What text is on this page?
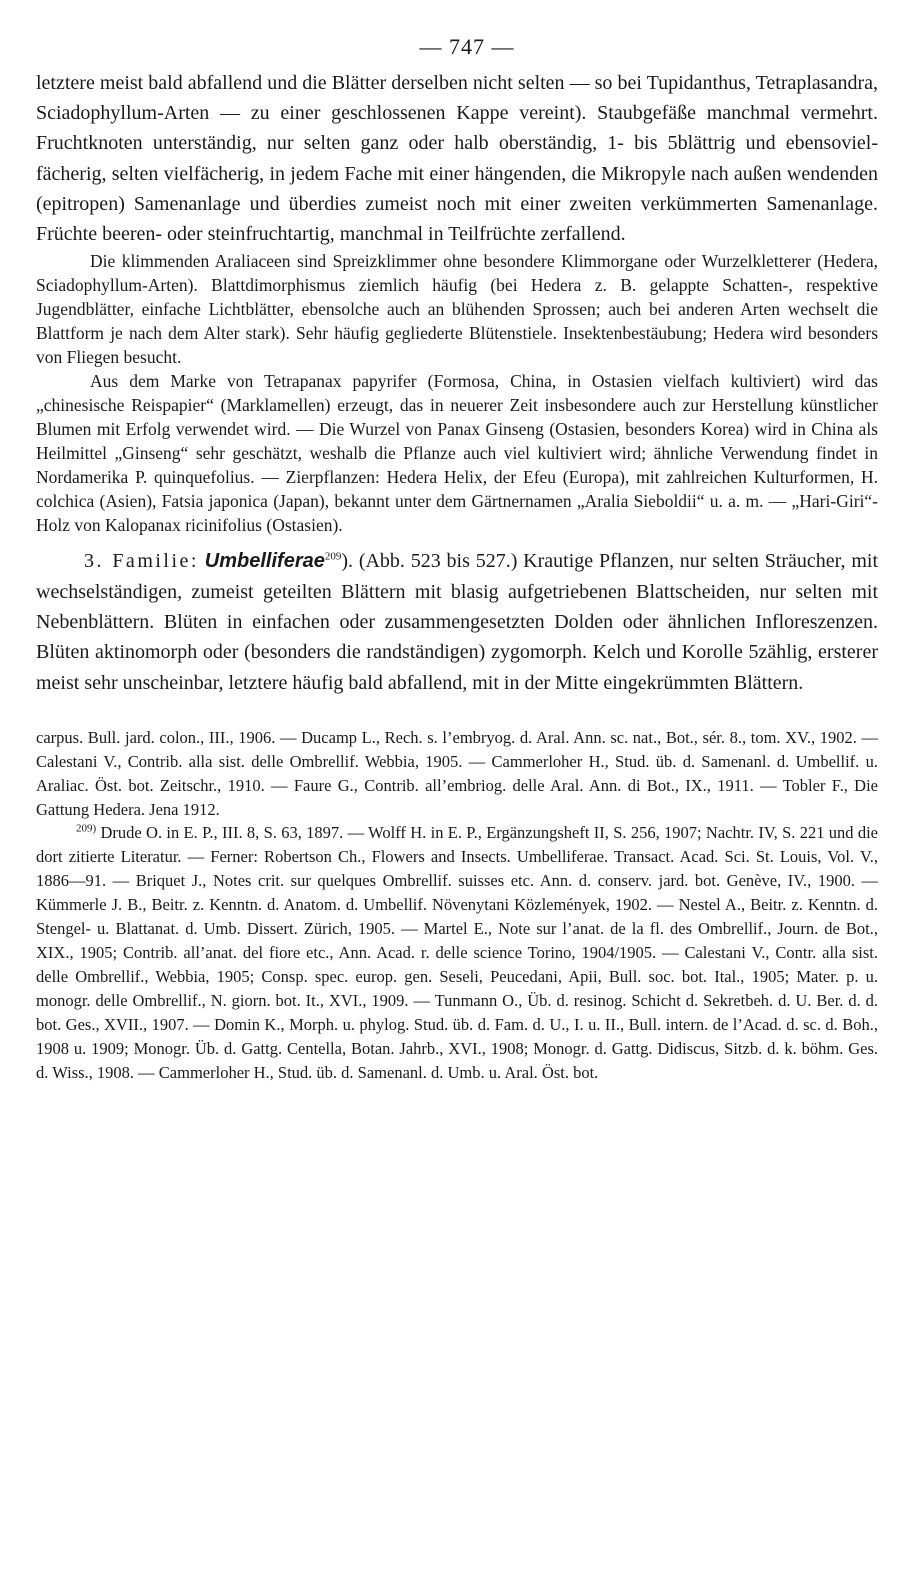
— 747 —

letztere meist bald abfallend und die Blätter derselben nicht selten — so bei Tupidanthus, Tetraplasandra, Sciadophyllum-Arten — zu einer geschlossenen Kappe vereint). Staubgefäße manchmal vermehrt. Fruchtknoten unterständig, nur selten ganz oder halb oberständig, 1- bis 5blättrig und ebensoviel-fächerig, selten vielfächerig, in jedem Fache mit einer hängenden, die Mikropyle nach außen wendenden (epitropen) Samenanlage und überdies zumeist noch mit einer zweiten verkümmerten Samenanlage. Früchte beeren- oder steinfruchtartig, manchmal in Teilfrüchte zerfallend.

Die klimmenden Araliaceen sind Spreizklimmer ohne besondere Klimmorgane oder Wurzelkletterer (Hedera, Sciadophyllum-Arten). Blattdimorphismus ziemlich häufig (bei Hedera z. B. gelappte Schatten-, respektive Jugendblätter, einfache Lichtblätter, ebensolche auch an blühenden Sprossen; auch bei anderen Arten wechselt die Blattform je nach dem Alter stark). Sehr häufig gegliederte Blütenstiele. Insektenbestäubung; Hedera wird besonders von Fliegen besucht.

Aus dem Marke von Tetrapanax papyrifer (Formosa, China, in Ostasien vielfach kultiviert) wird das „chinesische Reispapier“ (Marklamellen) erzeugt, das in neuerer Zeit insbesondere auch zur Herstellung künstlicher Blumen mit Erfolg verwendet wird. — Die Wurzel von Panax Ginseng (Ostasien, besonders Korea) wird in China als Heilmittel „Ginseng“ sehr geschätzt, weshalb die Pflanze auch viel kultiviert wird; ähnliche Verwendung findet in Nordamerika P. quinquefolius. — Zierpflanzen: Hedera Helix, der Efeu (Europa), mit zahlreichen Kulturformen, H. colchica (Asien), Fatsia japonica (Japan), bekannt unter dem Gärtnernamen „Aralia Sieboldii“ u. a. m. — „Hari-Giri“-Holz von Kalopanax ricinifolius (Ostasien).

3. Familie: Umbelliferae$^{209}$). (Abb. 523 bis 527.) Krautige Pflanzen, nur selten Sträucher, mit wechselständigen, zumeist geteilten Blättern mit blasig aufgetriebenen Blattscheiden, nur selten mit Nebenblättern. Blüten in einfachen oder zusammengesetzten Dolden oder ähnlichen Infloreszenzen. Blüten aktinomorph oder (besonders die randständigen) zygomorph. Kelch und Korolle 5zählig, ersterer meist sehr unscheinbar, letztere häufig bald abfallend, mit in der Mitte eingekrümmten Blättern.

carpus. Bull. jard. colon., III., 1906. — Ducamp L., Rech. s. l’embryog. d. Aral. Ann. sc. nat., Bot., sér. 8., tom. XV., 1902. — Calestani V., Contrib. alla sist. delle Ombrellif. Webbia, 1905. — Cammerloher H., Stud. üb. d. Samenanl. d. Umbellif. u. Araliac. Öst. bot. Zeitschr., 1910. — Faure G., Contrib. all’embriog. delle Aral. Ann. di Bot., IX., 1911. — Tobler F., Die Gattung Hedera. Jena 1912.

$^{209)}$ Drude O. in E. P., III. 8, S. 63, 1897. — Wolff H. in E. P., Ergänzungsheft II, S. 256, 1907; Nachtr. IV, S. 221 und die dort zitierte Literatur. — Ferner: Robertson Ch., Flowers and Insects. Umbelliferae. Transact. Acad. Sci. St. Louis, Vol. V., 1886—91. — Briquet J., Notes crit. sur quelques Ombrellif. suisses etc. Ann. d. conserv. jard. bot. Genève, IV., 1900. — Kümmerle J. B., Beitr. z. Kenntn. d. Anatom. d. Umbellif. Növenytani Közlemények, 1902. — Nestel A., Beitr. z. Kenntn. d. Stengel- u. Blattanat. d. Umb. Dissert. Zürich, 1905. — Martel E., Note sur l’anat. de la fl. des Ombrellif., Journ. de Bot., XIX., 1905; Contrib. all’anat. del fiore etc., Ann. Acad. r. delle science Torino, 1904/1905. — Calestani V., Contr. alla sist. delle Ombrellif., Webbia, 1905; Consp. spec. europ. gen. Seseli, Peucedani, Apii, Bull. soc. bot. Ital., 1905; Mater. p. u. monogr. delle Ombrellif., N. giorn. bot. It., XVI., 1909. — Tunmann O., Üb. d. resinog. Schicht d. Sekretbeh. d. U. Ber. d. d. bot. Ges., XVII., 1907. — Domin K., Morph. u. phylog. Stud. üb. d. Fam. d. U., I. u. II., Bull. intern. de l’Acad. d. sc. d. Boh., 1908 u. 1909; Monogr. Üb. d. Gattg. Centella, Botan. Jahrb., XVI., 1908; Monogr. d. Gattg. Didiscus, Sitzb. d. k. böhm. Ges. d. Wiss., 1908. — Cammerloher H., Stud. üb. d. Samenanl. d. Umb. u. Aral. Öst. bot.
